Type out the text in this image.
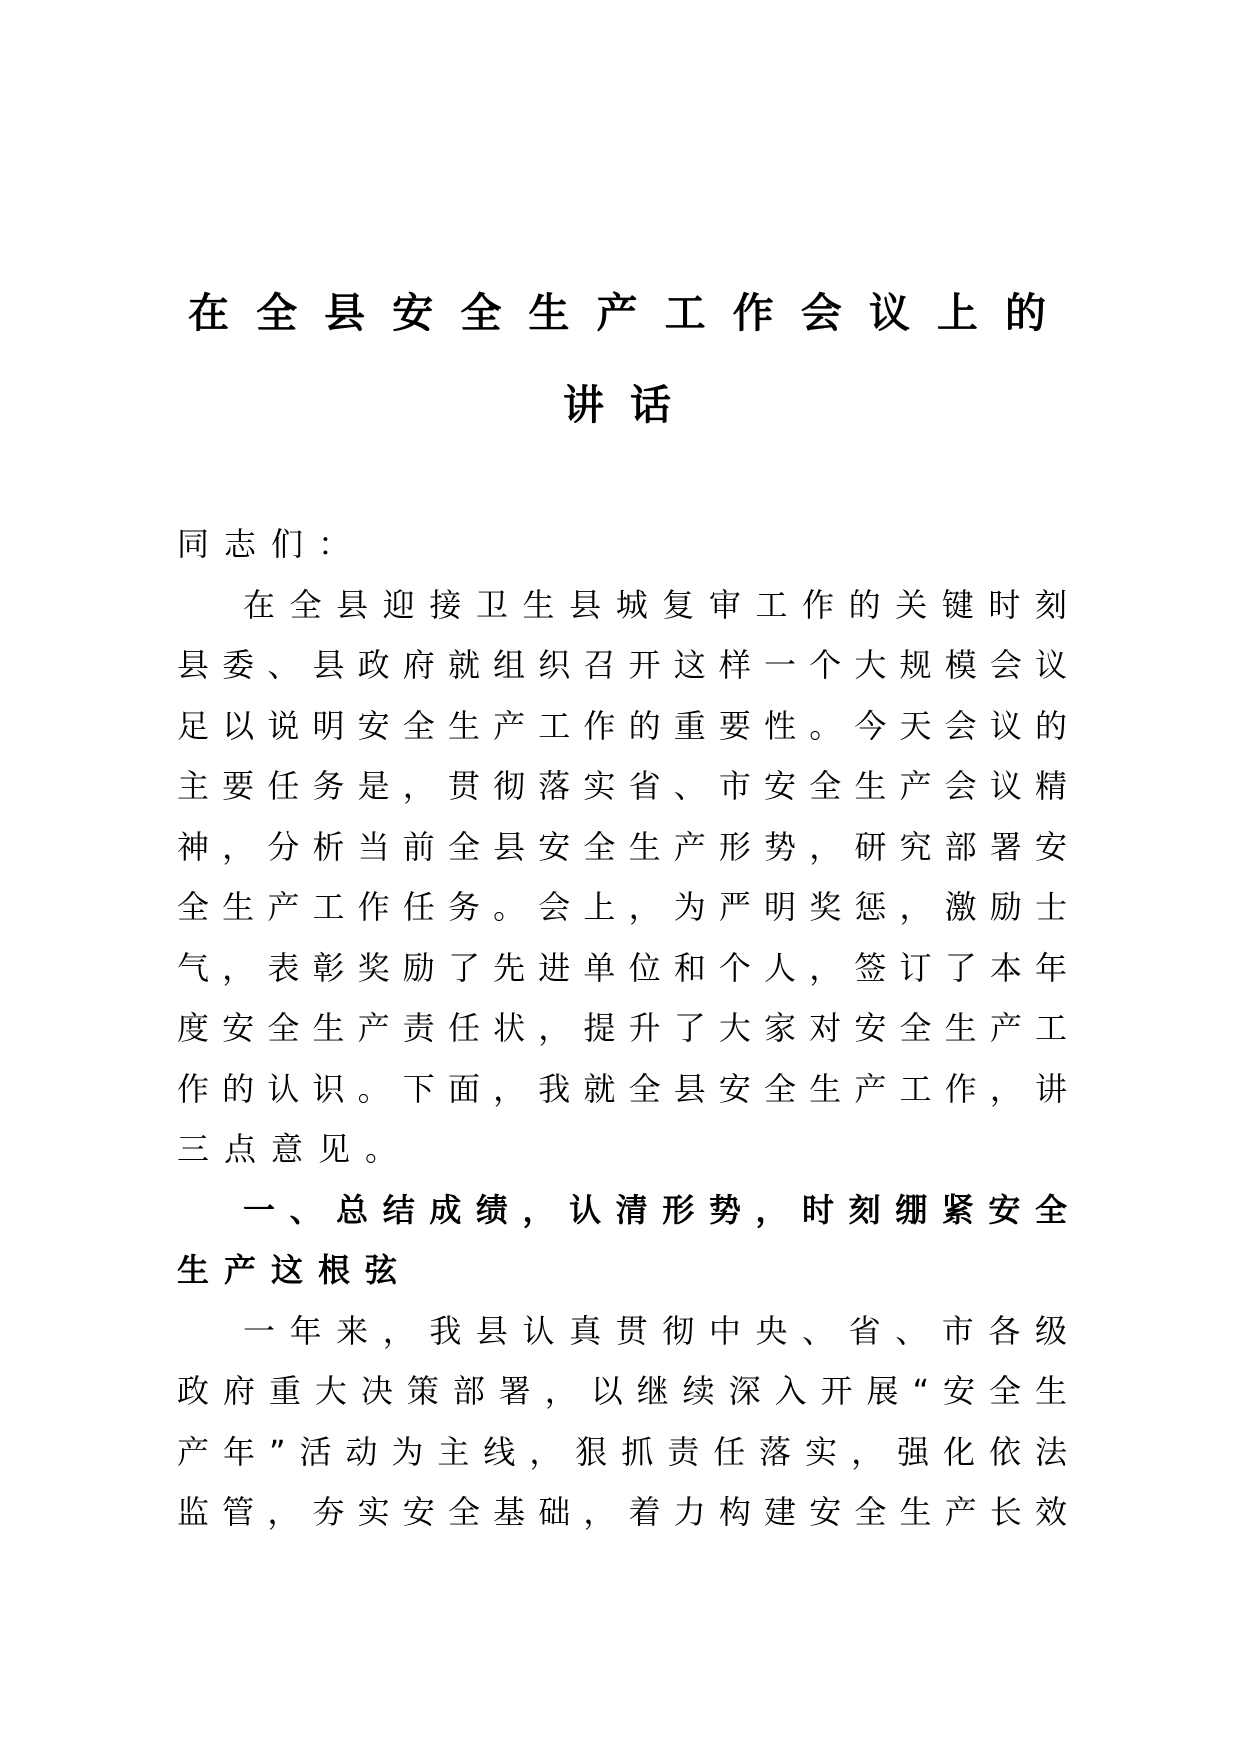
在全县安全生产工作会议上的
讲话
同志们：
在全县迎接卫生县城复审工作的关键时刻
县委、县政府就组织召开这样一个大规模会议
足以说明安全生产工作的重要性。今天会议的
主要任务是，贯彻落实省、市安全生产会议精
神，分析当前全县安全生产形势，研究部署安
全生产工作任务。会上，为严明奖惩，激励士
气，表彰奖励了先进单位和个人，签订了本年
度安全生产责任状，提升了大家对安全生产工
作的认识。下面，我就全县安全生产工作，讲
三点意见。
一、总结成绩，认清形势，时刻绷紧安全
生产这根弦
一年来，我县认真贯彻中央、省、市各级
政府重大决策部署，以继续深入开展“安全生
产年”活动为主线，狠抓责任落实，强化依法
监管，夯实安全基础，着力构建安全生产长效
